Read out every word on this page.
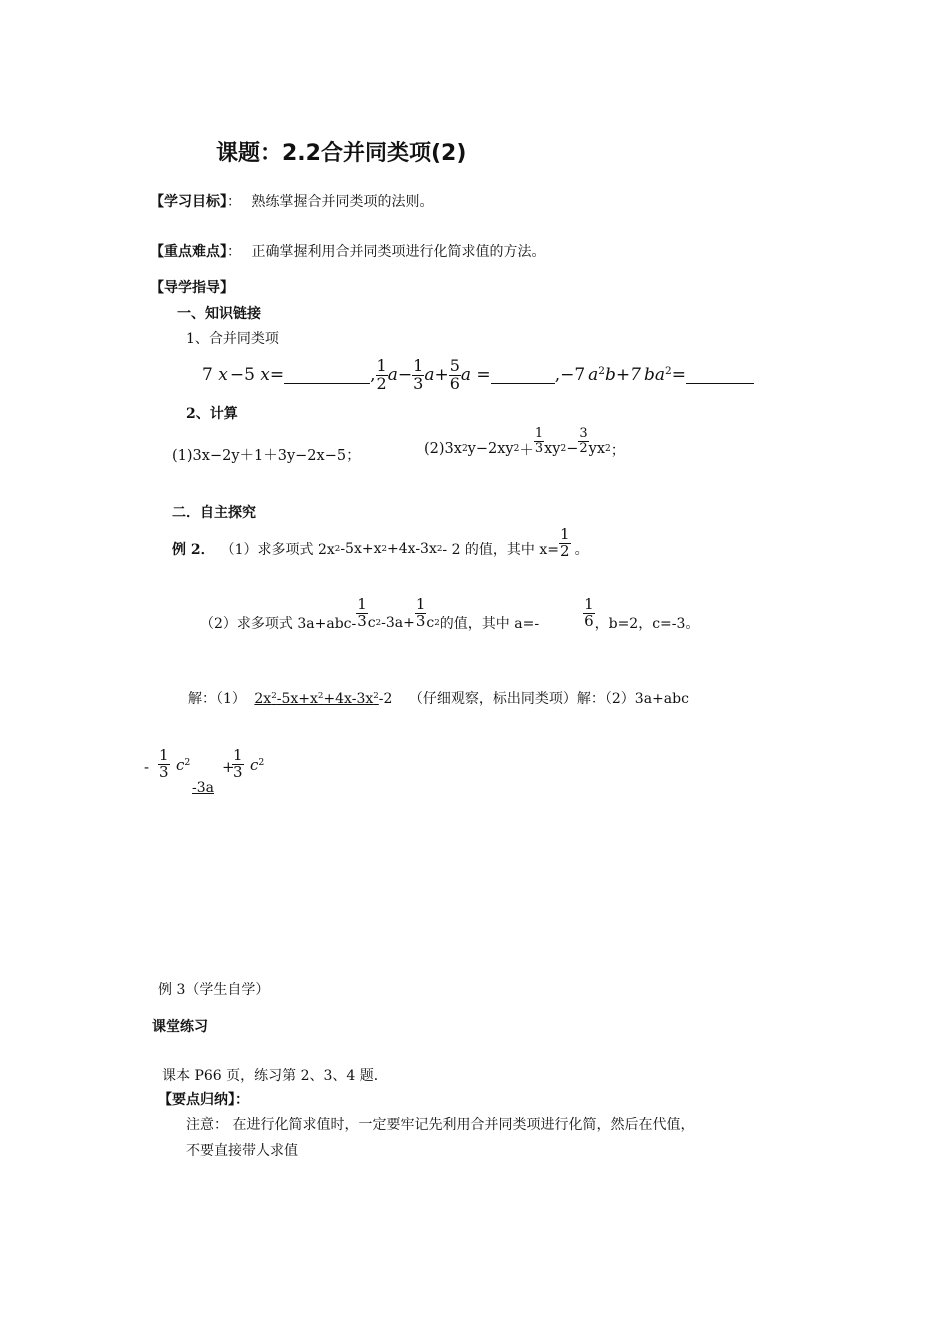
课题：2.2合并同类项(2)
【学习目标】： 熟练掌握合并同类项的法则。
【重点难点】： 正确掌握利用合并同类项进行化简求值的方法。
【导学指导】
一、知识链接
1、合并同类项
7 x −5 x =	, $\frac{1}{2}$ $a - \frac{1}{3}$ $a + \frac{5}{6}$ a =	, −7 $a^2b+7$ $ba^2$ =
2、计算
(1)3x−2y＋1＋3y−2x−5；	(2)3x 2 y−2xy $2 + \frac{1}{3}$ xy $2 - \frac{3}{2}$ yx 2 ；
二．自主探究
例 2． （1）求多项式 2x 2 -5x+x 2 +4x-3x 2 - 2 的值，其中 $x= \frac{1}{2}$ 。
（2）求多项式 $3a+abc- \frac{1}{3}$ c 2 $-3a+ \frac{1}{3}$ c 2 的值，其中 a=-	$\frac{1}{6}$ ，b=2，c=-3。
解：（1） $2x^2-5x+x^2+4x-3x^2-2$ （仔细观察，标出同类项）解：（2）3a+abc
- $\frac{1}{3} c^2$
-3a
+
$\frac{1}{3} c^2$
例 3（学生自学）
课堂练习
课本 P66 页，练习第 2、3、4 题．
【要点归纳】：
注意： 在进行化简求值时，一定要牢记先利用合并同类项进行化简，然后在代值，
不要直接带人求值
